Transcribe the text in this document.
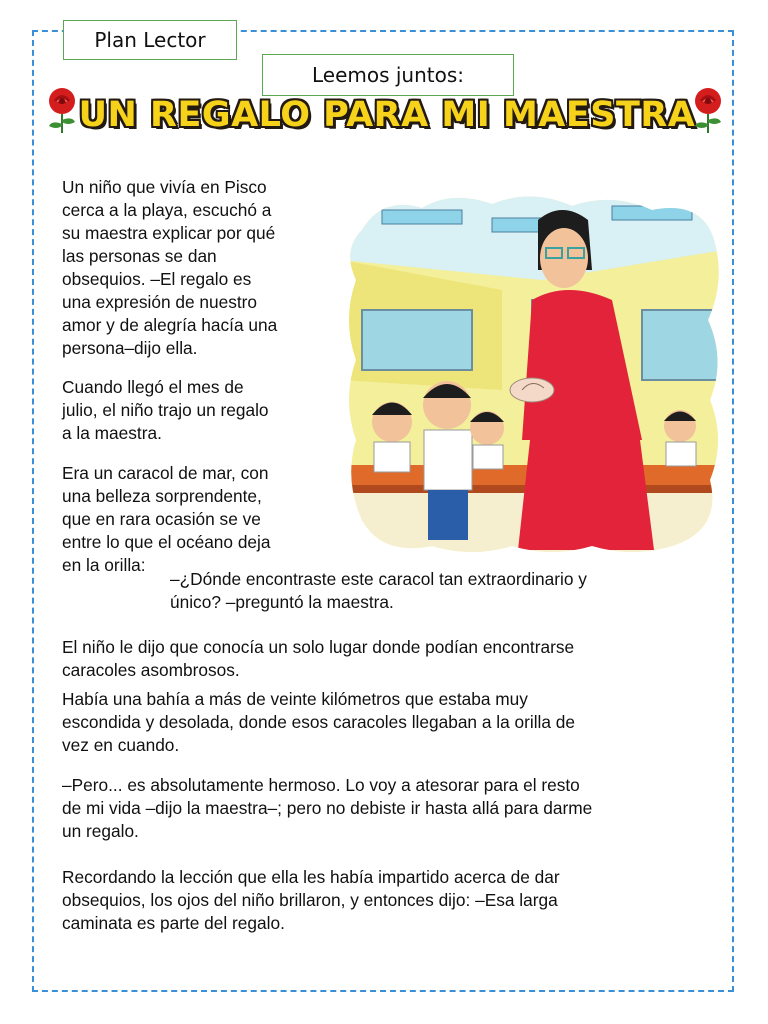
Plan Lector
Leemos juntos:
UN REGALO PARA MI MAESTRA

Un niño que vivía en Pisco
cerca a la playa, escuchó a
su maestra explicar por qué
las personas se dan
obsequios. –El regalo es
una expresión de nuestro
amor y de alegría hacía una
persona–dijo ella.

Cuando llegó el mes de
julio, el niño trajo un regalo
a la maestra.

Era un caracol de mar, con
una belleza sorprendente,
que en rara ocasión se ve
entre lo que el océano deja
en la orilla:

–¿Dónde encontraste este caracol tan extraordinario y
único? –preguntó la maestra.

El niño le dijo que conocía un solo lugar donde podían encontrarse
caracoles asombrosos.

Había una bahía a más de veinte kilómetros que estaba muy
escondida y desolada, donde esos caracoles llegaban a la orilla de
vez en cuando.

–Pero... es absolutamente hermoso. Lo voy a atesorar para el resto
de mi vida –dijo la maestra–; pero no debiste ir hasta allá para darme
un regalo.

Recordando la lección que ella les había impartido acerca de dar
obsequios, los ojos del niño brillaron, y entonces dijo: –Esa larga
caminata es parte del regalo.
